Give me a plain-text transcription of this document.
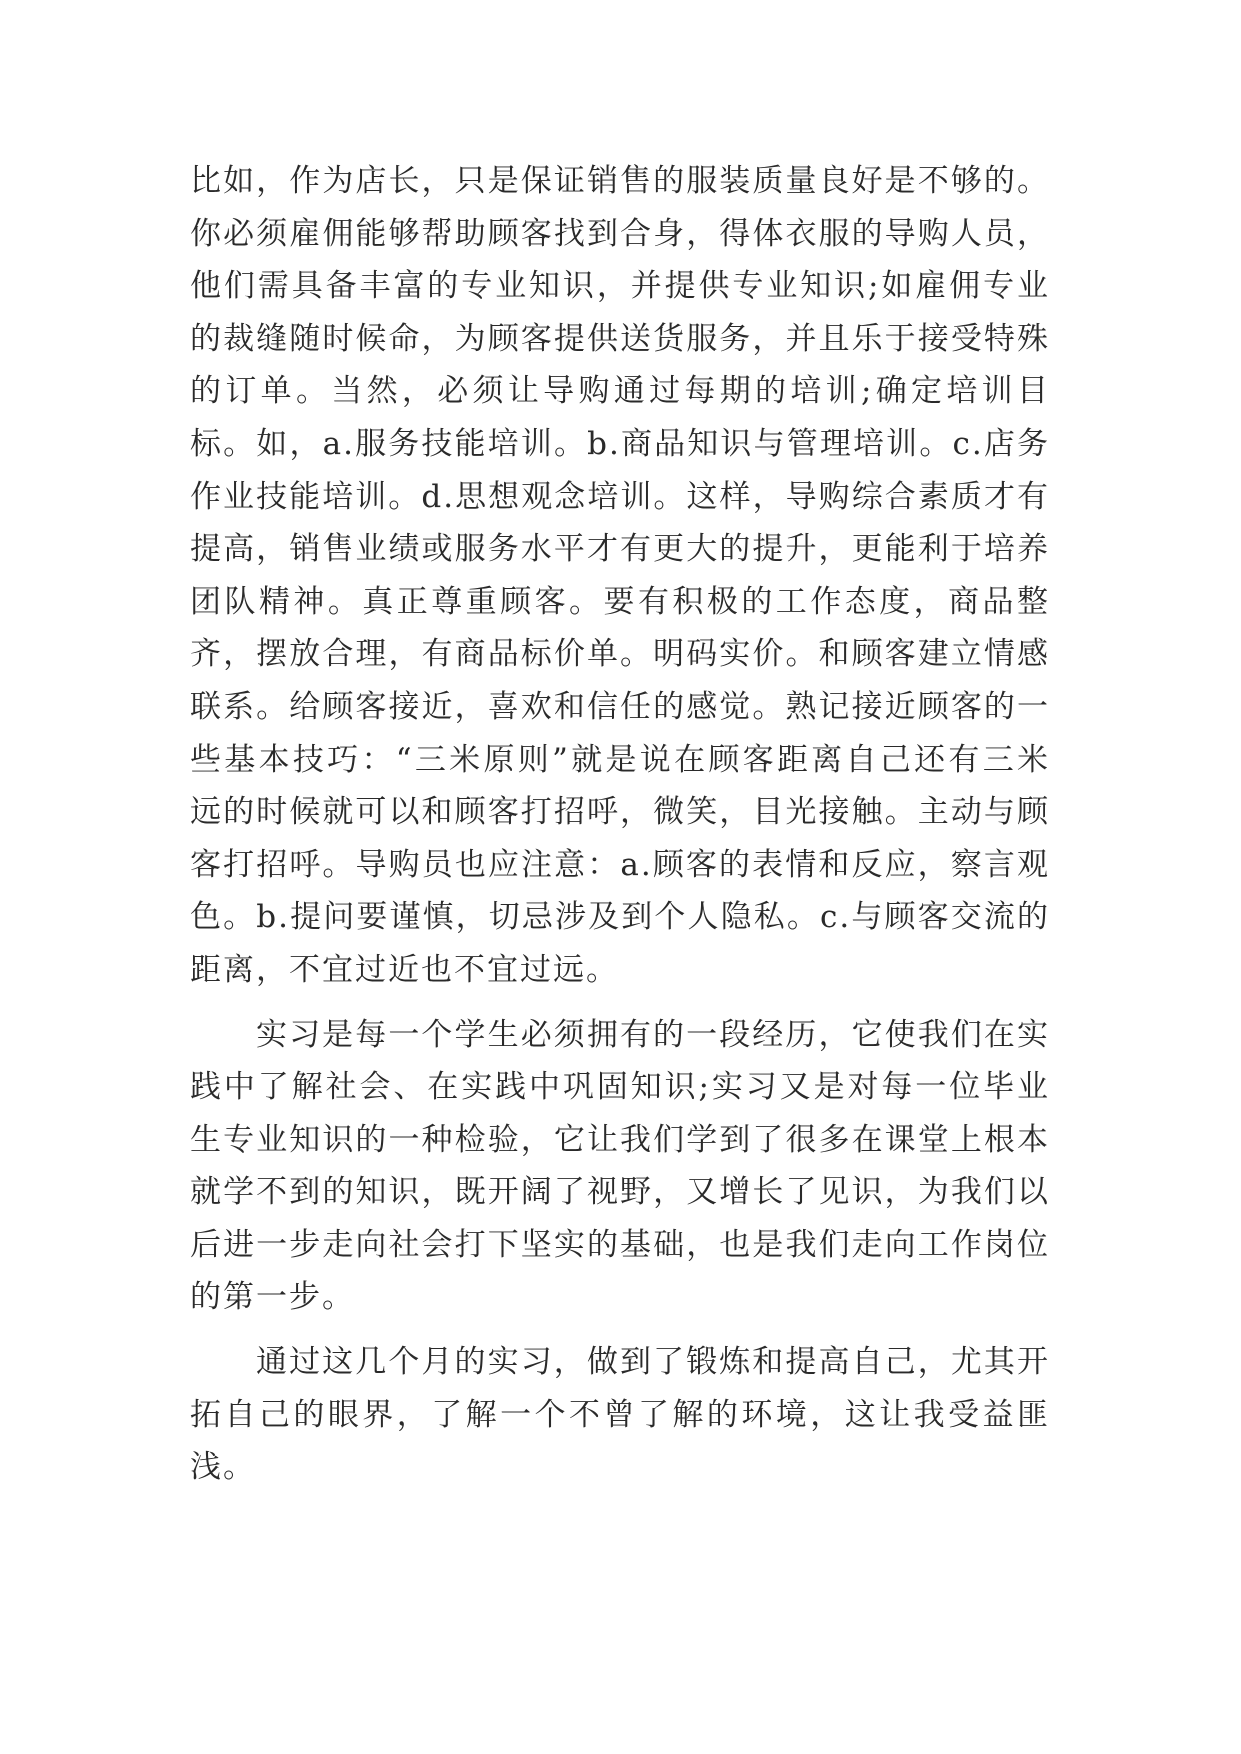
比如，作为店长，只是保证销售的服装质量良好是不够的。你必须雇佣能够帮助顾客找到合身，得体衣服的导购人员，他们需具备丰富的专业知识，并提供专业知识;如雇佣专业的裁缝随时候命，为顾客提供送货服务，并且乐于接受特殊的订单。当然，必须让导购通过每期的培训;确定培训目标。如，a.服务技能培训。b.商品知识与管理培训。c.店务作业技能培训。d.思想观念培训。这样，导购综合素质才有提高，销售业绩或服务水平才有更大的提升，更能利于培养团队精神。真正尊重顾客。要有积极的工作态度，商品整齐，摆放合理，有商品标价单。明码实价。和顾客建立情感联系。给顾客接近，喜欢和信任的感觉。熟记接近顾客的一些基本技巧：“三米原则”就是说在顾客距离自己还有三米远的时候就可以和顾客打招呼，微笑，目光接触。主动与顾客打招呼。导购员也应注意：a.顾客的表情和反应，察言观色。b.提问要谨慎，切忌涉及到个人隐私。c.与顾客交流的距离，不宜过近也不宜过远。

实习是每一个学生必须拥有的一段经历，它使我们在实践中了解社会、在实践中巩固知识;实习又是对每一位毕业生专业知识的一种检验，它让我们学到了很多在课堂上根本就学不到的知识，既开阔了视野，又增长了见识，为我们以后进一步走向社会打下坚实的基础，也是我们走向工作岗位的第一步。

通过这几个月的实习，做到了锻炼和提高自己，尤其开拓自己的眼界，了解一个不曾了解的环境，这让我受益匪浅。
